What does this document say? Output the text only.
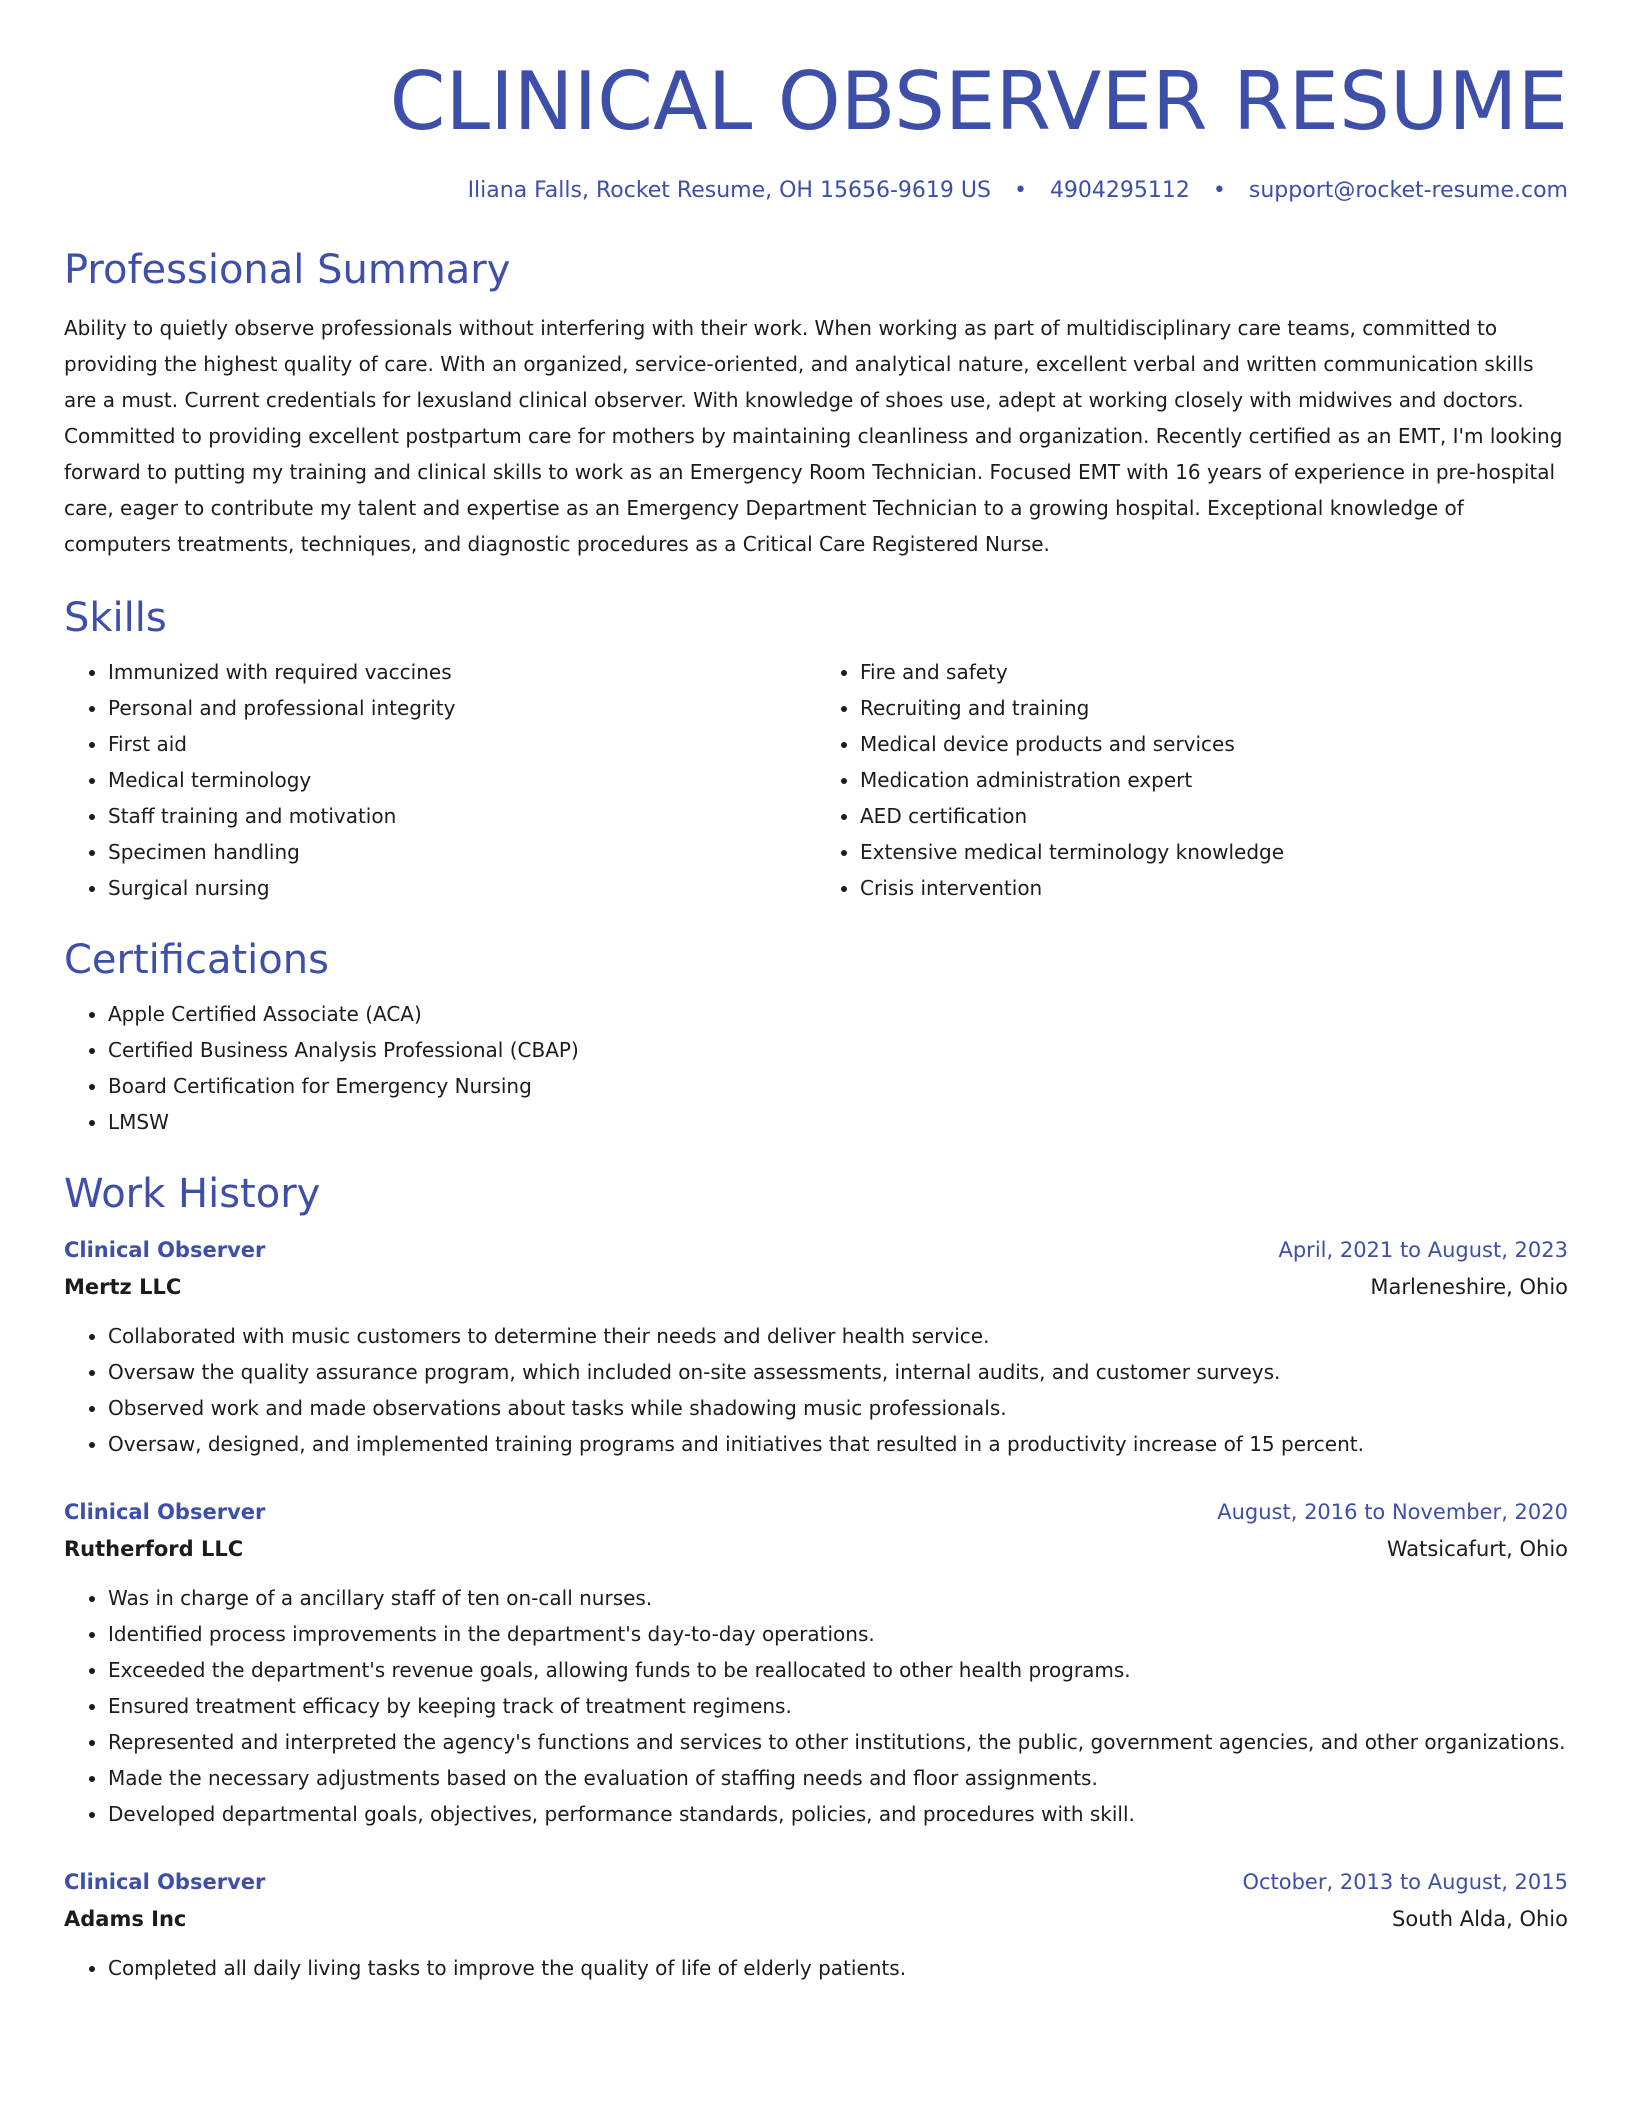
CLINICAL OBSERVER RESUME
Iliana Falls, Rocket Resume, OH 15656-9619 US • 4904295112 • support@rocket-resume.com
Professional Summary

Ability to quietly observe professionals without interfering with their work. When working as part of multidisciplinary care teams, committed to providing the highest quality of care. With an organized, service-oriented, and analytical nature, excellent verbal and written communication skills are a must. Current credentials for lexusland clinical observer. With knowledge of shoes use, adept at working closely with midwives and doctors. Committed to providing excellent postpartum care for mothers by maintaining cleanliness and organization. Recently certified as an EMT, I'm looking forward to putting my training and clinical skills to work as an Emergency Room Technician. Focused EMT with 16 years of experience in pre-hospital care, eager to contribute my talent and expertise as an Emergency Department Technician to a growing hospital. Exceptional knowledge of computers treatments, techniques, and diagnostic procedures as a Critical Care Registered Nurse.

Skills
• Immunized with required vaccines
• Personal and professional integrity
• First aid
• Medical terminology
• Staff training and motivation
• Specimen handling
• Surgical nursing
• Fire and safety
• Recruiting and training
• Medical device products and services
• Medication administration expert
• AED certification
• Extensive medical terminology knowledge
• Crisis intervention
Certifications
• Apple Certified Associate (ACA)
• Certified Business Analysis Professional (CBAP)
• Board Certification for Emergency Nursing
• LMSW
Work History
Clinical Observer	April, 2021 to August, 2023
Mertz LLC	Marleneshire, Ohio
• Collaborated with music customers to determine their needs and deliver health service.
• Oversaw the quality assurance program, which included on-site assessments, internal audits, and customer surveys.
• Observed work and made observations about tasks while shadowing music professionals.
• Oversaw, designed, and implemented training programs and initiatives that resulted in a productivity increase of 15 percent.
Clinical Observer	August, 2016 to November, 2020
Rutherford LLC	Watsicafurt, Ohio
• Was in charge of a ancillary staff of ten on-call nurses.
• Identified process improvements in the department's day-to-day operations.
• Exceeded the department's revenue goals, allowing funds to be reallocated to other health programs.
• Ensured treatment efficacy by keeping track of treatment regimens.
• Represented and interpreted the agency's functions and services to other institutions, the public, government agencies, and other organizations.
• Made the necessary adjustments based on the evaluation of staffing needs and floor assignments.
• Developed departmental goals, objectives, performance standards, policies, and procedures with skill.
Clinical Observer	October, 2013 to August, 2015
Adams Inc	South Alda, Ohio
• Completed all daily living tasks to improve the quality of life of elderly patients.
